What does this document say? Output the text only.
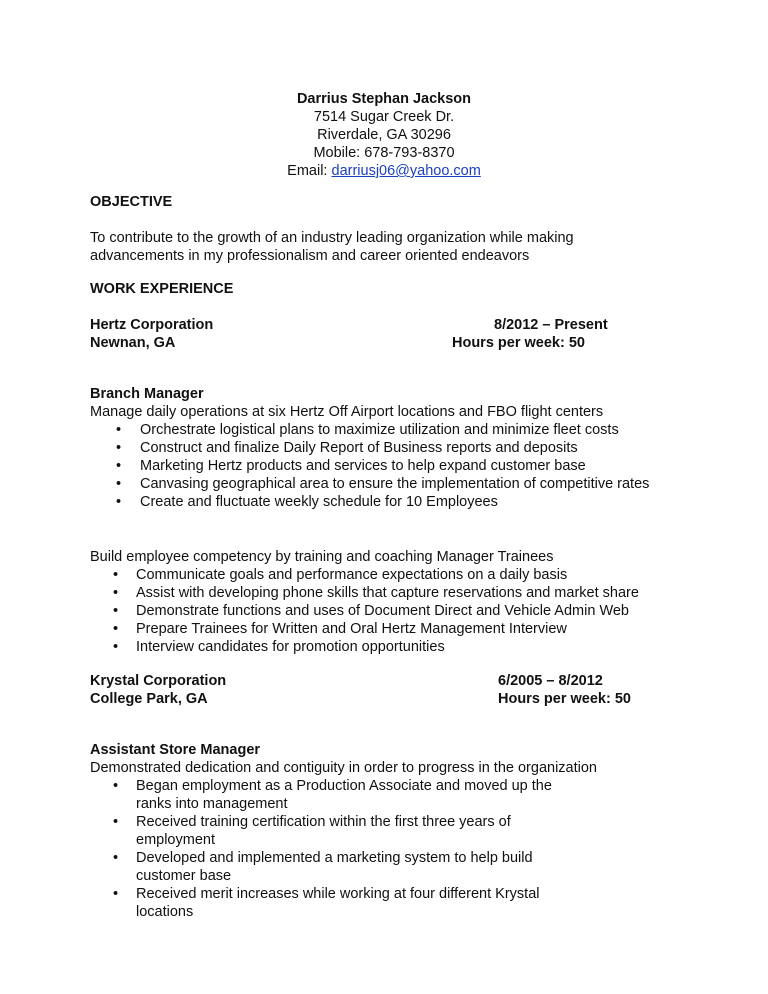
Darrius Stephan Jackson
7514 Sugar Creek Dr.
Riverdale, GA 30296
Mobile: 678-793-8370
Email: darriusj06@yahoo.com
OBJECTIVE
To contribute to the growth of an industry leading organization while making
advancements in my professionalism and career oriented endeavors
WORK EXPERIENCE
Hertz Corporation	8/2012 – Present
Newnan, GA	Hours per week: 50
Branch Manager
Manage daily operations at six Hertz Off Airport locations and FBO flight centers
• Orchestrate logistical plans to maximize utilization and minimize fleet costs
• Construct and finalize Daily Report of Business reports and deposits
• Marketing Hertz products and services to help expand customer base
• Canvasing geographical area to ensure the implementation of competitive rates
• Create and fluctuate weekly schedule for 10 Employees
Build employee competency by training and coaching Manager Trainees
• Communicate goals and performance expectations on a daily basis
• Assist with developing phone skills that capture reservations and market share
• Demonstrate functions and uses of Document Direct and Vehicle Admin Web
• Prepare Trainees for Written and Oral Hertz Management Interview
• Interview candidates for promotion opportunities
Krystal Corporation	6/2005 – 8/2012
College Park, GA	Hours per week: 50
Assistant Store Manager
Demonstrated dedication and contiguity in order to progress in the organization
• Began employment as a Production Associate and moved up the ranks into management
• Received training certification within the first three years of employment
• Developed and implemented a marketing system to help build customer base
• Received merit increases while working at four different Krystal locations
